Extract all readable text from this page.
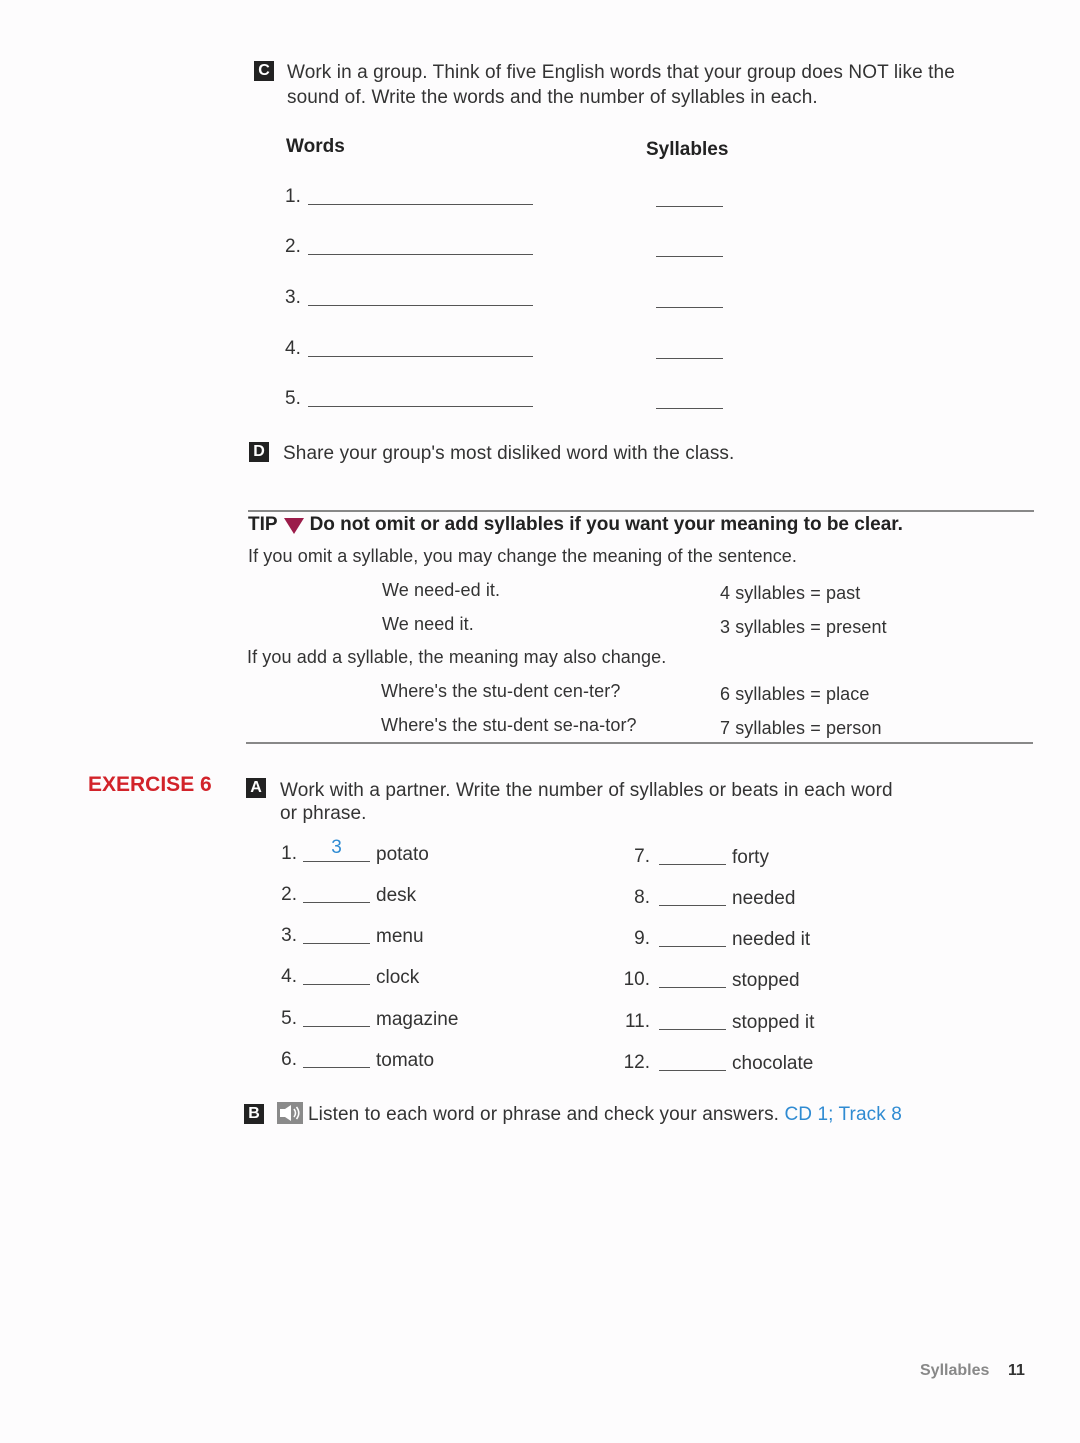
C Work in a group. Think of five English words that your group does NOT like the
sound of. Write the words and the number of syllables in each.
Words	Syllables
1.
2.
3.
4.
5.
D Share your group's most disliked word with the class.
TIP Do not omit or add syllables if you want your meaning to be clear.
If you omit a syllable, you may change the meaning of the sentence.
We need-ed it.	4 syllables = past
We need it.	3 syllables = present
If you add a syllable, the meaning may also change.
Where's the stu-dent cen-ter?	6 syllables = place
Where's the stu-dent se-na-tor?	7 syllables = person
EXERCISE 6 A Work with a partner. Write the number of syllables or beats in each word
or phrase.
1.	3	potato
2.	desk
3.	menu
4.	clock
5.	magazine
6.	tomato
7.	forty
8.	needed
9.	needed it
10.	stopped
11.	stopped it
12.	chocolate
B	Listen to each word or phrase and check your answers. CD 1; Track 8
Syllables 11
